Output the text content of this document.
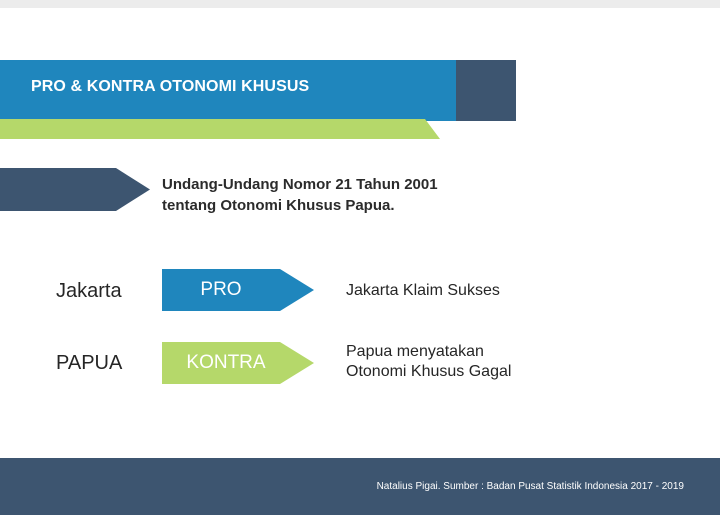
PRO & KONTRA OTONOMI KHUSUS
Undang-Undang Nomor 21 Tahun 2001
tentang Otonomi Khusus Papua.
Jakarta	PRO	Jakarta Klaim Sukses
PAPUA	KONTRA
Papua menyatakan
Otonomi Khusus Gagal
Natalius Pigai. Sumber : Badan Pusat Statistik Indonesia 2017 - 2019
